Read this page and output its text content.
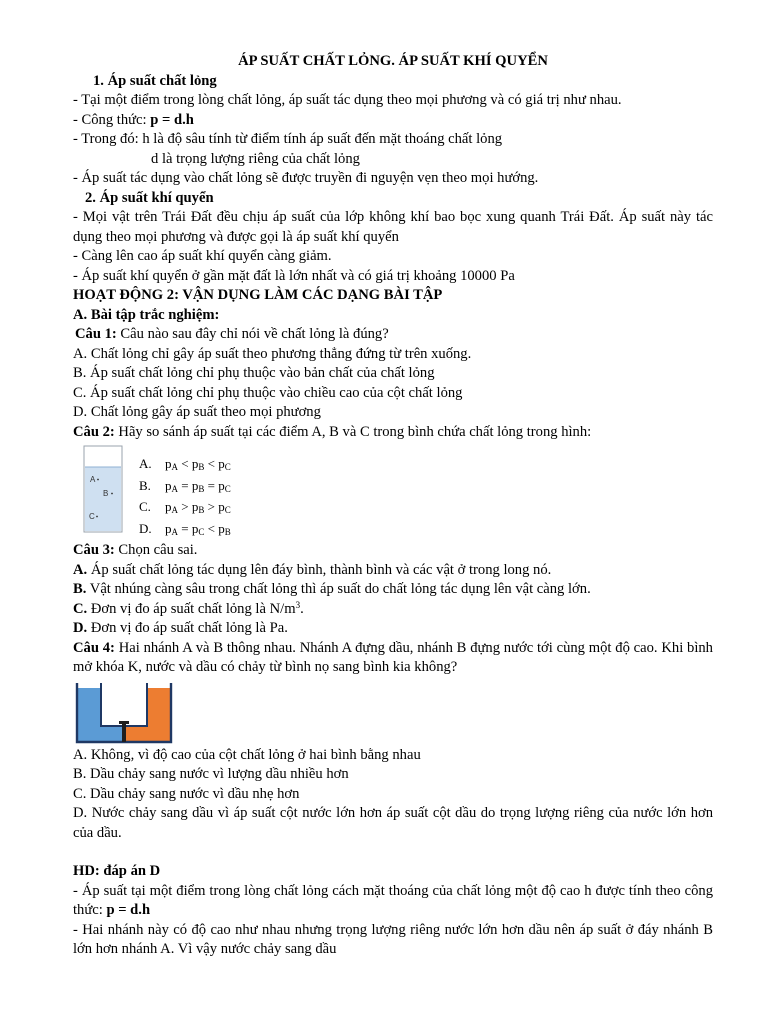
ÁP SUẤT CHẤT LỎNG. ÁP SUẤT KHÍ QUYỂN
1. Áp suất chất lỏng
- Tại một điểm trong lòng chất lỏng, áp suất tác dụng theo mọi phương và có giá trị như nhau.
- Công thức: p = d.h
- Trong đó: h là độ sâu tính từ điểm tính áp suất đến mặt thoáng chất lỏng
d là trọng lượng riêng của chất lỏng
- Áp suất tác dụng vào chất lỏng sẽ được truyền đi nguyện vẹn theo mọi hướng.
2. Áp suất khí quyển
- Mọi vật trên Trái Đất đều chịu áp suất của lớp không khí bao bọc xung quanh Trái Đất. Áp suất này tác dụng theo mọi phương và được gọi là áp suất khí quyển
- Càng lên cao áp suất khí quyển càng giảm.
- Áp suất khí quyển ở gần mặt đất là lớn nhất và có giá trị khoảng 10000 Pa
HOẠT ĐỘNG 2: VẬN DỤNG LÀM CÁC DẠNG BÀI TẬP
A. Bài tập trắc nghiệm:
Câu 1: Câu nào sau đây chỉ nói về chất lỏng là đúng?
A. Chất lỏng chỉ gây áp suất theo phương thẳng đứng từ trên xuống.
B. Áp suất chất lỏng chỉ phụ thuộc vào bản chất của chất lỏng
C. Áp suất chất lỏng chỉ phụ thuộc vào chiều cao của cột chất lỏng
D. Chất lỏng gây áp suất theo mọi phương
Câu 2: Hãy so sánh áp suất tại các điểm A, B và C trong bình chứa chất lỏng trong hình:
A
B
C
A. $p_A < p_B < p_C$
B. $p_A = p_B = p_C$
C. $p_A > p_B > p_C$
D. $p_A = p_C < p_B$
Câu 3: Chọn câu sai.
A. Áp suất chất lỏng tác dụng lên đáy bình, thành bình và các vật ở trong long nó.
B. Vật nhúng càng sâu trong chất lỏng thì áp suất do chất lỏng tác dụng lên vật càng lớn.
C. Đơn vị đo áp suất chất lỏng là $N/m^3$.
D. Đơn vị đo áp suất chất lỏng là Pa.
Câu 4: Hai nhánh A và B thông nhau. Nhánh A đựng dầu, nhánh B đựng nước tới cùng một độ cao. Khi bình mở khóa K, nước và dầu có chảy từ bình nọ sang bình kia không?
A. Không, vì độ cao của cột chất lỏng ở hai bình bằng nhau
B. Dầu chảy sang nước vì lượng dầu nhiều hơn
C. Dầu chảy sang nước vì dầu nhẹ hơn
D. Nước chảy sang dầu vì áp suất cột nước lớn hơn áp suất cột dầu do trọng lượng riêng của nước lớn hơn của dầu.
HD: đáp án D
- Áp suất tại một điểm trong lòng chất lỏng cách mặt thoáng của chất lỏng một độ cao h được tính theo công thức: p = d.h
- Hai nhánh này có độ cao như nhau nhưng trọng lượng riêng nước lớn hơn dầu nên áp suất ở đáy nhánh B lớn hơn nhánh A. Vì vậy nước chảy sang dầu
